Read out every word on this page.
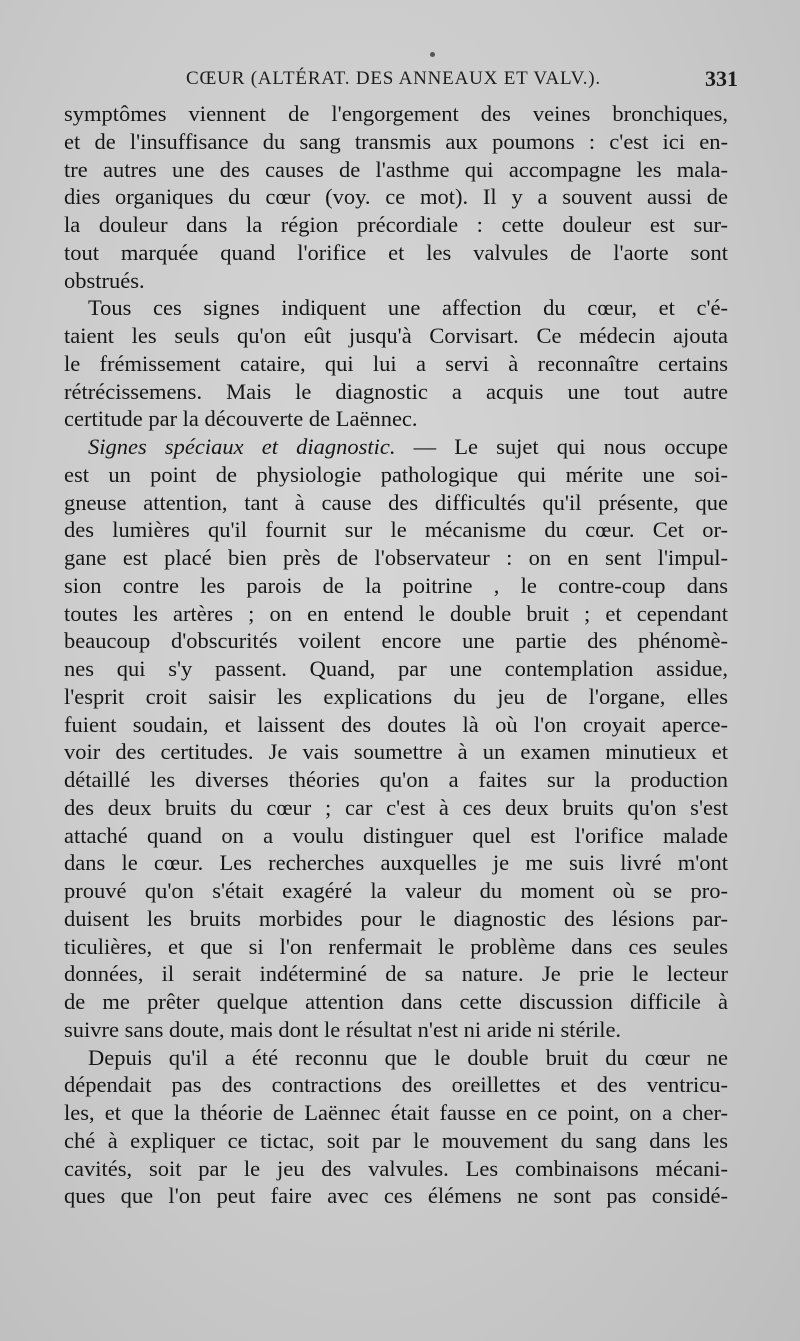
CŒUR (ALTÉRAT. DES ANNEAUX ET VALV.).	331
symptômes viennent de l'engorgement des veines bronchiques,
et de l'insuffisance du sang transmis aux poumons : c'est ici en-
tre autres une des causes de l'asthme qui accompagne les mala-
dies organiques du cœur (voy. ce mot). Il y a souvent aussi de
la douleur dans la région précordiale : cette douleur est sur-
tout marquée quand l'orifice et les valvules de l'aorte sont
obstrués.
Tous ces signes indiquent une affection du cœur, et c'é-
taient les seuls qu'on eût jusqu'à Corvisart. Ce médecin ajouta
le frémissement cataire, qui lui a servi à reconnaître certains
rétrécissemens. Mais le diagnostic a acquis une tout autre
certitude par la découverte de Laënnec.
Signes spéciaux et diagnostic. — Le sujet qui nous occupe
est un point de physiologie pathologique qui mérite une soi-
gneuse attention, tant à cause des difficultés qu'il présente, que
des lumières qu'il fournit sur le mécanisme du cœur. Cet or-
gane est placé bien près de l'observateur : on en sent l'impul-
sion contre les parois de la poitrine , le contre-coup dans
toutes les artères ; on en entend le double bruit ; et cependant
beaucoup d'obscurités voilent encore une partie des phénomè-
nes qui s'y passent. Quand, par une contemplation assidue,
l'esprit croit saisir les explications du jeu de l'organe, elles
fuient soudain, et laissent des doutes là où l'on croyait aperce-
voir des certitudes. Je vais soumettre à un examen minutieux et
détaillé les diverses théories qu'on a faites sur la production
des deux bruits du cœur ; car c'est à ces deux bruits qu'on s'est
attaché quand on a voulu distinguer quel est l'orifice malade
dans le cœur. Les recherches auxquelles je me suis livré m'ont
prouvé qu'on s'était exagéré la valeur du moment où se pro-
duisent les bruits morbides pour le diagnostic des lésions par-
ticulières, et que si l'on renfermait le problème dans ces seules
données, il serait indéterminé de sa nature. Je prie le lecteur
de me prêter quelque attention dans cette discussion difficile à
suivre sans doute, mais dont le résultat n'est ni aride ni stérile.
Depuis qu'il a été reconnu que le double bruit du cœur ne
dépendait pas des contractions des oreillettes et des ventricu-
les, et que la théorie de Laënnec était fausse en ce point, on a cher-
ché à expliquer ce tictac, soit par le mouvement du sang dans les
cavités, soit par le jeu des valvules. Les combinaisons mécani-
ques que l'on peut faire avec ces élémens ne sont pas considé-
